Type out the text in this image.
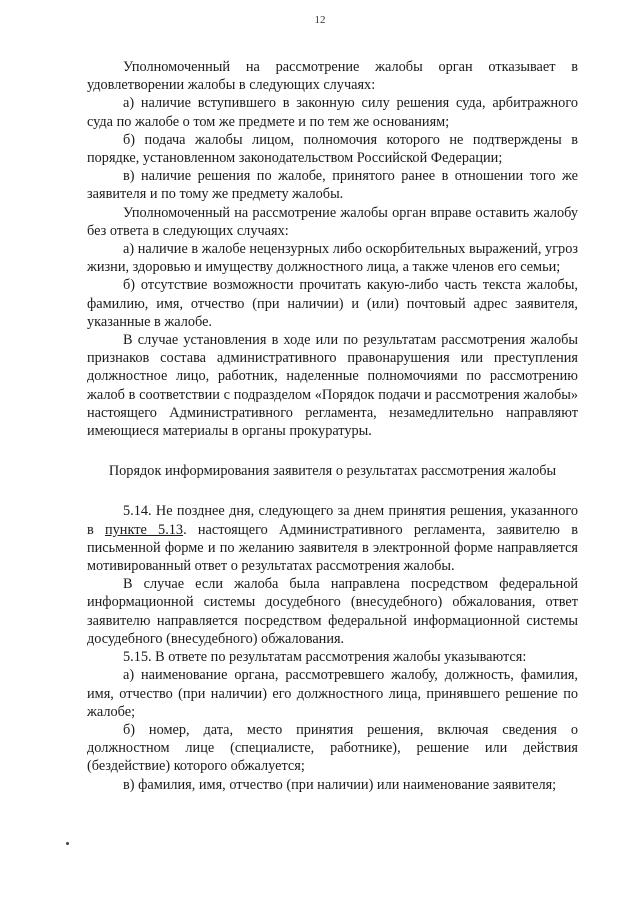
12

Уполномоченный на рассмотрение жалобы орган отказывает в удовлетворении жалобы в следующих случаях:

а) наличие вступившего в законную силу решения суда, арбитражного суда по жалобе о том же предмете и по тем же основаниям;

б) подача жалобы лицом, полномочия которого не подтверждены в порядке, установленном законодательством Российской Федерации;

в) наличие решения по жалобе, принятого ранее в отношении того же заявителя и по тому же предмету жалобы.

Уполномоченный на рассмотрение жалобы орган вправе оставить жалобу без ответа в следующих случаях:

а) наличие в жалобе нецензурных либо оскорбительных выражений, угроз жизни, здоровью и имуществу должностного лица, а также членов его семьи;

б) отсутствие возможности прочитать какую-либо часть текста жалобы, фамилию, имя, отчество (при наличии) и (или) почтовый адрес заявителя, указанные в жалобе.

В случае установления в ходе или по результатам рассмотрения жалобы признаков состава административного правонарушения или преступления должностное лицо, работник, наделенные полномочиями по рассмотрению жалоб в соответствии с подразделом «Порядок подачи и рассмотрения жалобы» настоящего Административного регламента, незамедлительно направляют имеющиеся материалы в органы прокуратуры.

Порядок информирования заявителя о результатах рассмотрения жалобы

5.14. Не позднее дня, следующего за днем принятия решения, указанного в пункте 5.13. настоящего Административного регламента, заявителю в письменной форме и по желанию заявителя в электронной форме направляется мотивированный ответ о результатах рассмотрения жалобы.

В случае если жалоба была направлена посредством федеральной информационной системы досудебного (внесудебного) обжалования, ответ заявителю направляется посредством федеральной информационной системы досудебного (внесудебного) обжалования.

5.15. В ответе по результатам рассмотрения жалобы указываются:

а) наименование органа, рассмотревшего жалобу, должность, фамилия, имя, отчество (при наличии) его должностного лица, принявшего решение по жалобе;

б) номер, дата, место принятия решения, включая сведения о должностном лице (специалисте, работнике), решение или действия (бездействие) которого обжалуется;

в) фамилия, имя, отчество (при наличии) или наименование заявителя;
